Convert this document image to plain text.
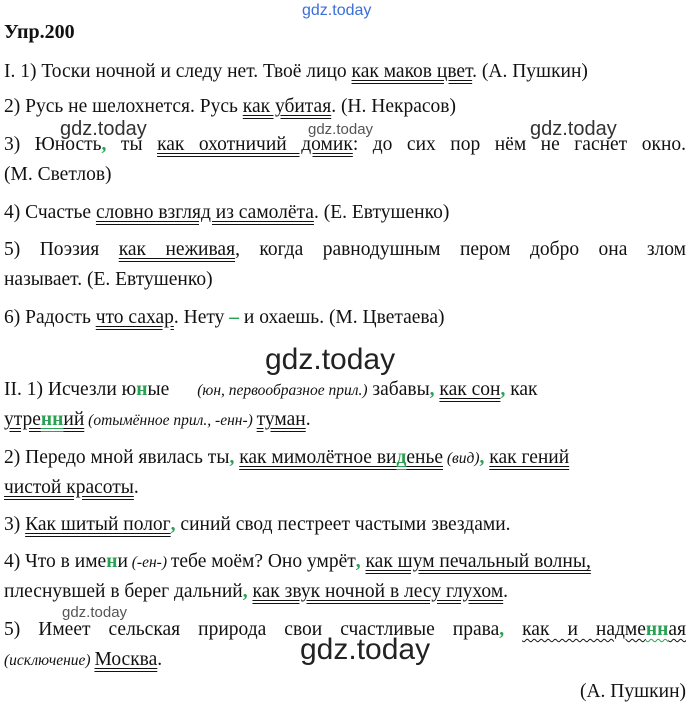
gdz.today
gdz.today	gdz.today	gdz.today
gdz.today
gdz.today
gdz.today
Упр.200
I. 1) Тоски ночной и следу нет. Твоё лицо как маков цвет. (А. Пушкин)
2) Русь не шелохнется. Русь как убитая. (Н. Некрасов)
3) Юность, ты как охотничий домик: до сих пор нём не гаснет окно.
(М. Светлов)
4) Счастье словно взгляд из самолёта. (Е. Евтушенко)
5) Поэзия как неживая, когда равнодушным пером добро она злом
называет. (Е. Евтушенко)
6) Радость что сахар. Нету – и охаешь. (М. Цветаева)
II. 1) Исчезли юные (юн, первообразное прил.) забавы, как сон, как
утренний (отымённое прил., -енн-) туман.
2) Передо мной явилась ты, как мимолётное виденье (вид), как гений
чистой красоты.
3) Как шитый полог, синий свод пестреет частыми звездами.
4) Что в имени (-ен-) тебе моём? Оно умрёт, как шум печальный волны,
плеснувшей в берег дальний, как звук ночной в лесу глухом.
5) Имеет сельская природа свои счастливые права, как и надменная
(исключение) Москва.
(А. Пушкин)
